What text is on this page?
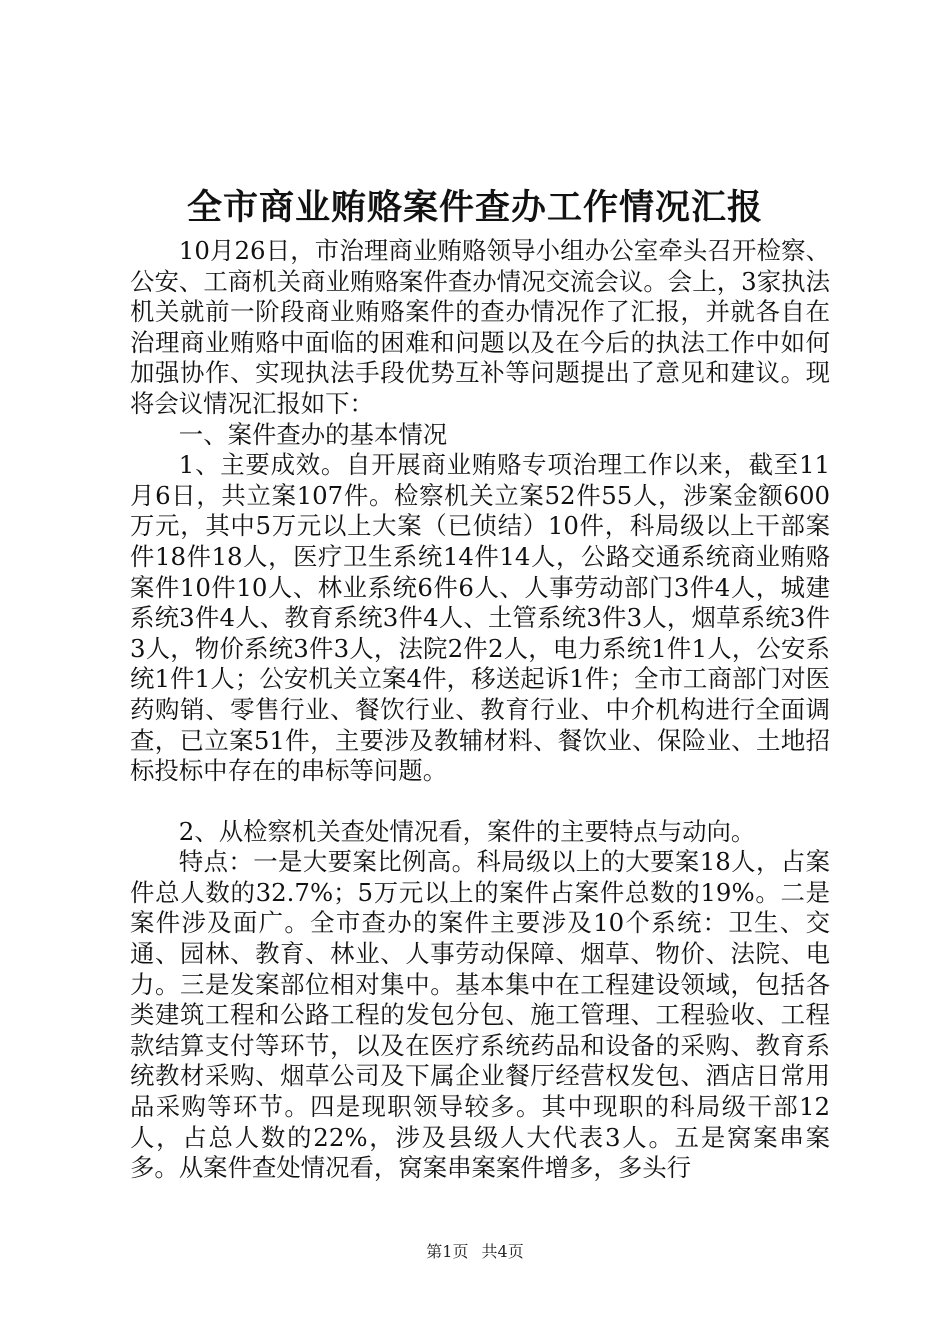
全市商业贿赂案件查办工作情况汇报

10月26日，市治理商业贿赂领导小组办公室牵头召开检察、公安、工商机关商业贿赂案件查办情况交流会议。会上，3家执法机关就前一阶段商业贿赂案件的查办情况作了汇报，并就各自在治理商业贿赂中面临的困难和问题以及在今后的执法工作中如何加强协作、实现执法手段优势互补等问题提出了意见和建议。现将会议情况汇报如下：

一、案件查办的基本情况

1、主要成效。自开展商业贿赂专项治理工作以来，截至11月6日，共立案107件。检察机关立案52件55人，涉案金额600万元，其中5万元以上大案（已侦结）10件，科局级以上干部案件18件18人，医疗卫生系统14件14人，公路交通系统商业贿赂案件10件10人、林业系统6件6人、人事劳动部门3件4人，城建系统3件4人、教育系统3件4人、土管系统3件3人，烟草系统3件3人，物价系统3件3人，法院2件2人，电力系统1件1人，公安系统1件1人；公安机关立案4件，移送起诉1件；全市工商部门对医药购销、零售行业、餐饮行业、教育行业、中介机构进行全面调查，已立案51件，主要涉及教辅材料、餐饮业、保险业、土地招标投标中存在的串标等问题。

2、从检察机关查处情况看，案件的主要特点与动向。

特点：一是大要案比例高。科局级以上的大要案18人，占案件总人数的32.7%；5万元以上的案件占案件总数的19%。二是案件涉及面广。全市查办的案件主要涉及10个系统：卫生、交通、园林、教育、林业、人事劳动保障、烟草、物价、法院、电力。三是发案部位相对集中。基本集中在工程建设领域，包括各类建筑工程和公路工程的发包分包、施工管理、工程验收、工程款结算支付等环节，以及在医疗系统药品和设备的采购、教育系统教材采购、烟草公司及下属企业餐厅经营权发包、酒店日常用品采购等环节。四是现职领导较多。其中现职的科局级干部12人，占总人数的22%，涉及县级人大代表3人。五是窝案串案多。从案件查处情况看，窝案串案案件增多，多头行

第1页 共4页
